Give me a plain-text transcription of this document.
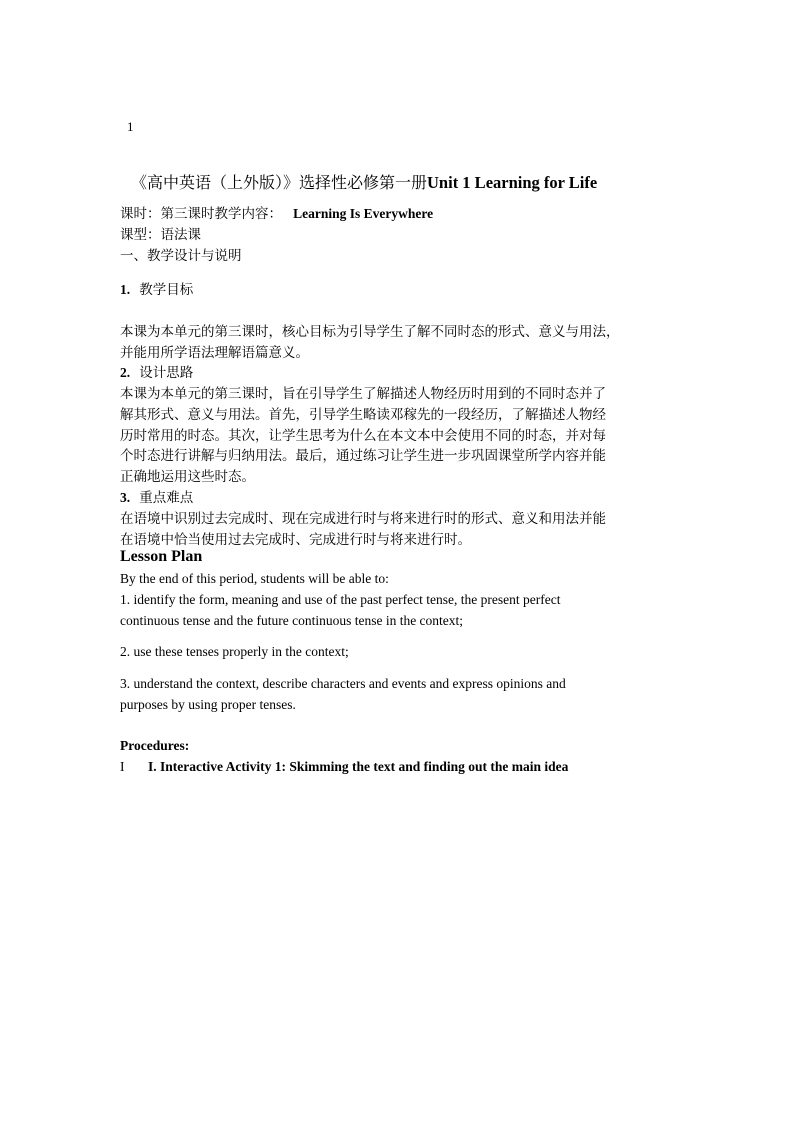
1
《高中英语（上外版）》选择性必修第一册Unit 1 Learning for Life
课时：第三课时教学内容： Learning Is Everywhere
课型：语法课
一、教学设计与说明
1. 教学目标
本课为本单元的第三课时，核心目标为引导学生了解不同时态的形式、意义与用法，
并能用所学语法理解语篇意义。
2. 设计思路
本课为本单元的第三课时，旨在引导学生了解描述人物经历时用到的不同时态并了
解其形式、意义与用法。首先，引导学生略读邓稼先的一段经历，了解描述人物经
历时常用的时态。其次，让学生思考为什么在本文本中会使用不同的时态，并对每
个时态进行讲解与归纳用法。最后，通过练习让学生进一步巩固课堂所学内容并能
正确地运用这些时态。
3. 重点难点
在语境中识别过去完成时、现在完成进行时与将来进行时的形式、意义和用法并能
在语境中恰当使用过去完成时、完成进行时与将来进行时。
Lesson Plan
By the end of this period, students will be able to:
1. identify the form, meaning and use of the past perfect tense, the present perfect
continuous tense and the future continuous tense in the context;
2. use these tenses properly in the context;
3. understand the context, describe characters and events and express opinions and
purposes by using proper tenses.
Procedures:
I I. Interactive Activity 1: Skimming the text and finding out the main idea
